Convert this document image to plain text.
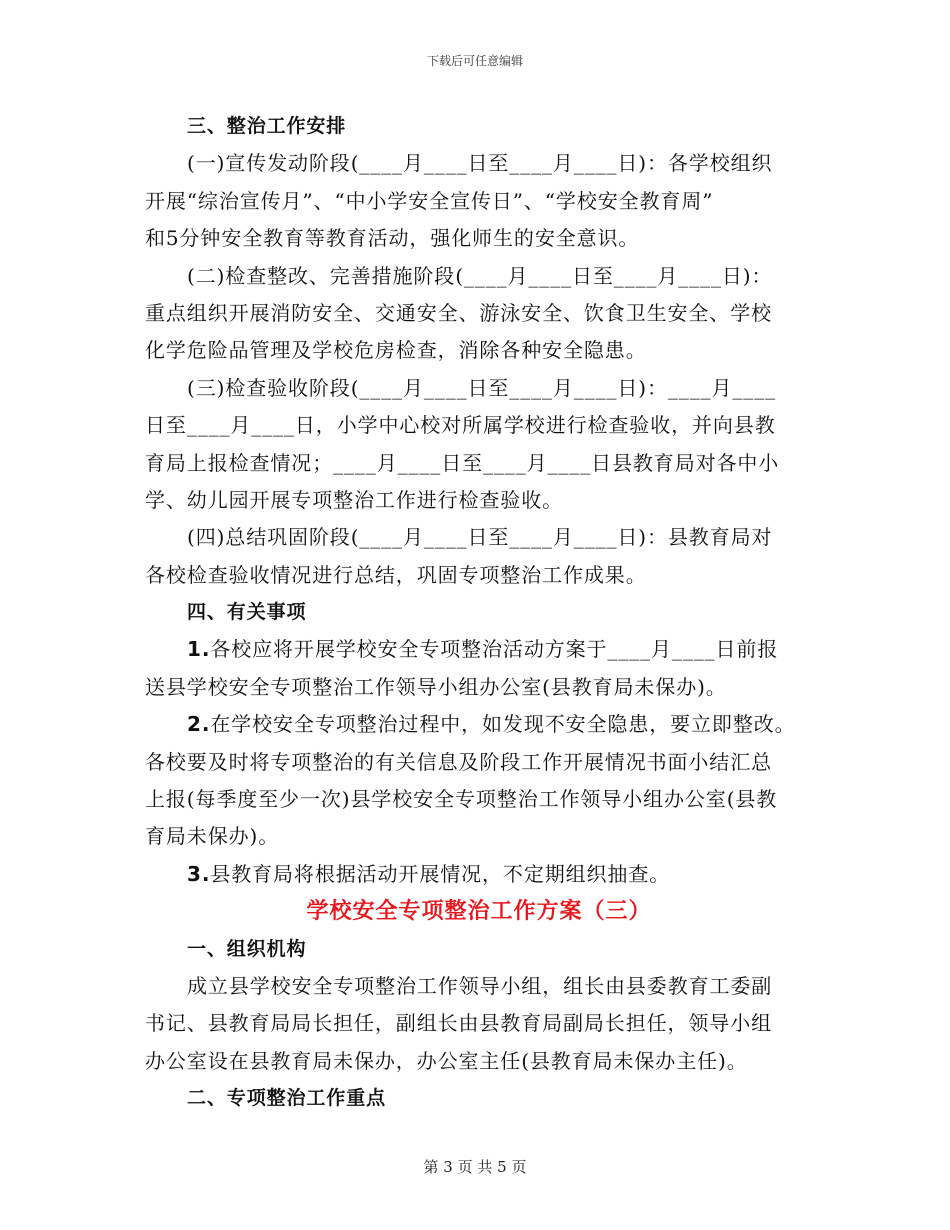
下载后可任意编辑
三、整治工作安排
(一)宣传发动阶段(____月____日至____月____日)：各学校组织
开展“综治宣传月”、“中小学安全宣传日”、“学校安全教育周”
和5分钟安全教育等教育活动，强化师生的安全意识。
(二)检查整改、完善措施阶段(____月____日至____月____日)：
重点组织开展消防安全、交通安全、游泳安全、饮食卫生安全、学校
化学危险品管理及学校危房检查，消除各种安全隐患。
(三)检查验收阶段(____月____日至____月____日)：____月____
日至____月____日，小学中心校对所属学校进行检查验收，并向县教
育局上报检查情况；____月____日至____月____日县教育局对各中小
学、幼儿园开展专项整治工作进行检查验收。
(四)总结巩固阶段(____月____日至____月____日)：县教育局对
各校检查验收情况进行总结，巩固专项整治工作成果。
四、有关事项
1.各校应将开展学校安全专项整治活动方案于____月____日前报
送县学校安全专项整治工作领导小组办公室(县教育局未保办)。
2.在学校安全专项整治过程中，如发现不安全隐患，要立即整改。
各校要及时将专项整治的有关信息及阶段工作开展情况书面小结汇总
上报(每季度至少一次)县学校安全专项整治工作领导小组办公室(县教
育局未保办)。
3.县教育局将根据活动开展情况，不定期组织抽查。
学校安全专项整治工作方案（三）
一、组织机构
成立县学校安全专项整治工作领导小组，组长由县委教育工委副
书记、县教育局局长担任，副组长由县教育局副局长担任，领导小组
办公室设在县教育局未保办，办公室主任(县教育局未保办主任)。
二、专项整治工作重点
第 3 页 共 5 页
